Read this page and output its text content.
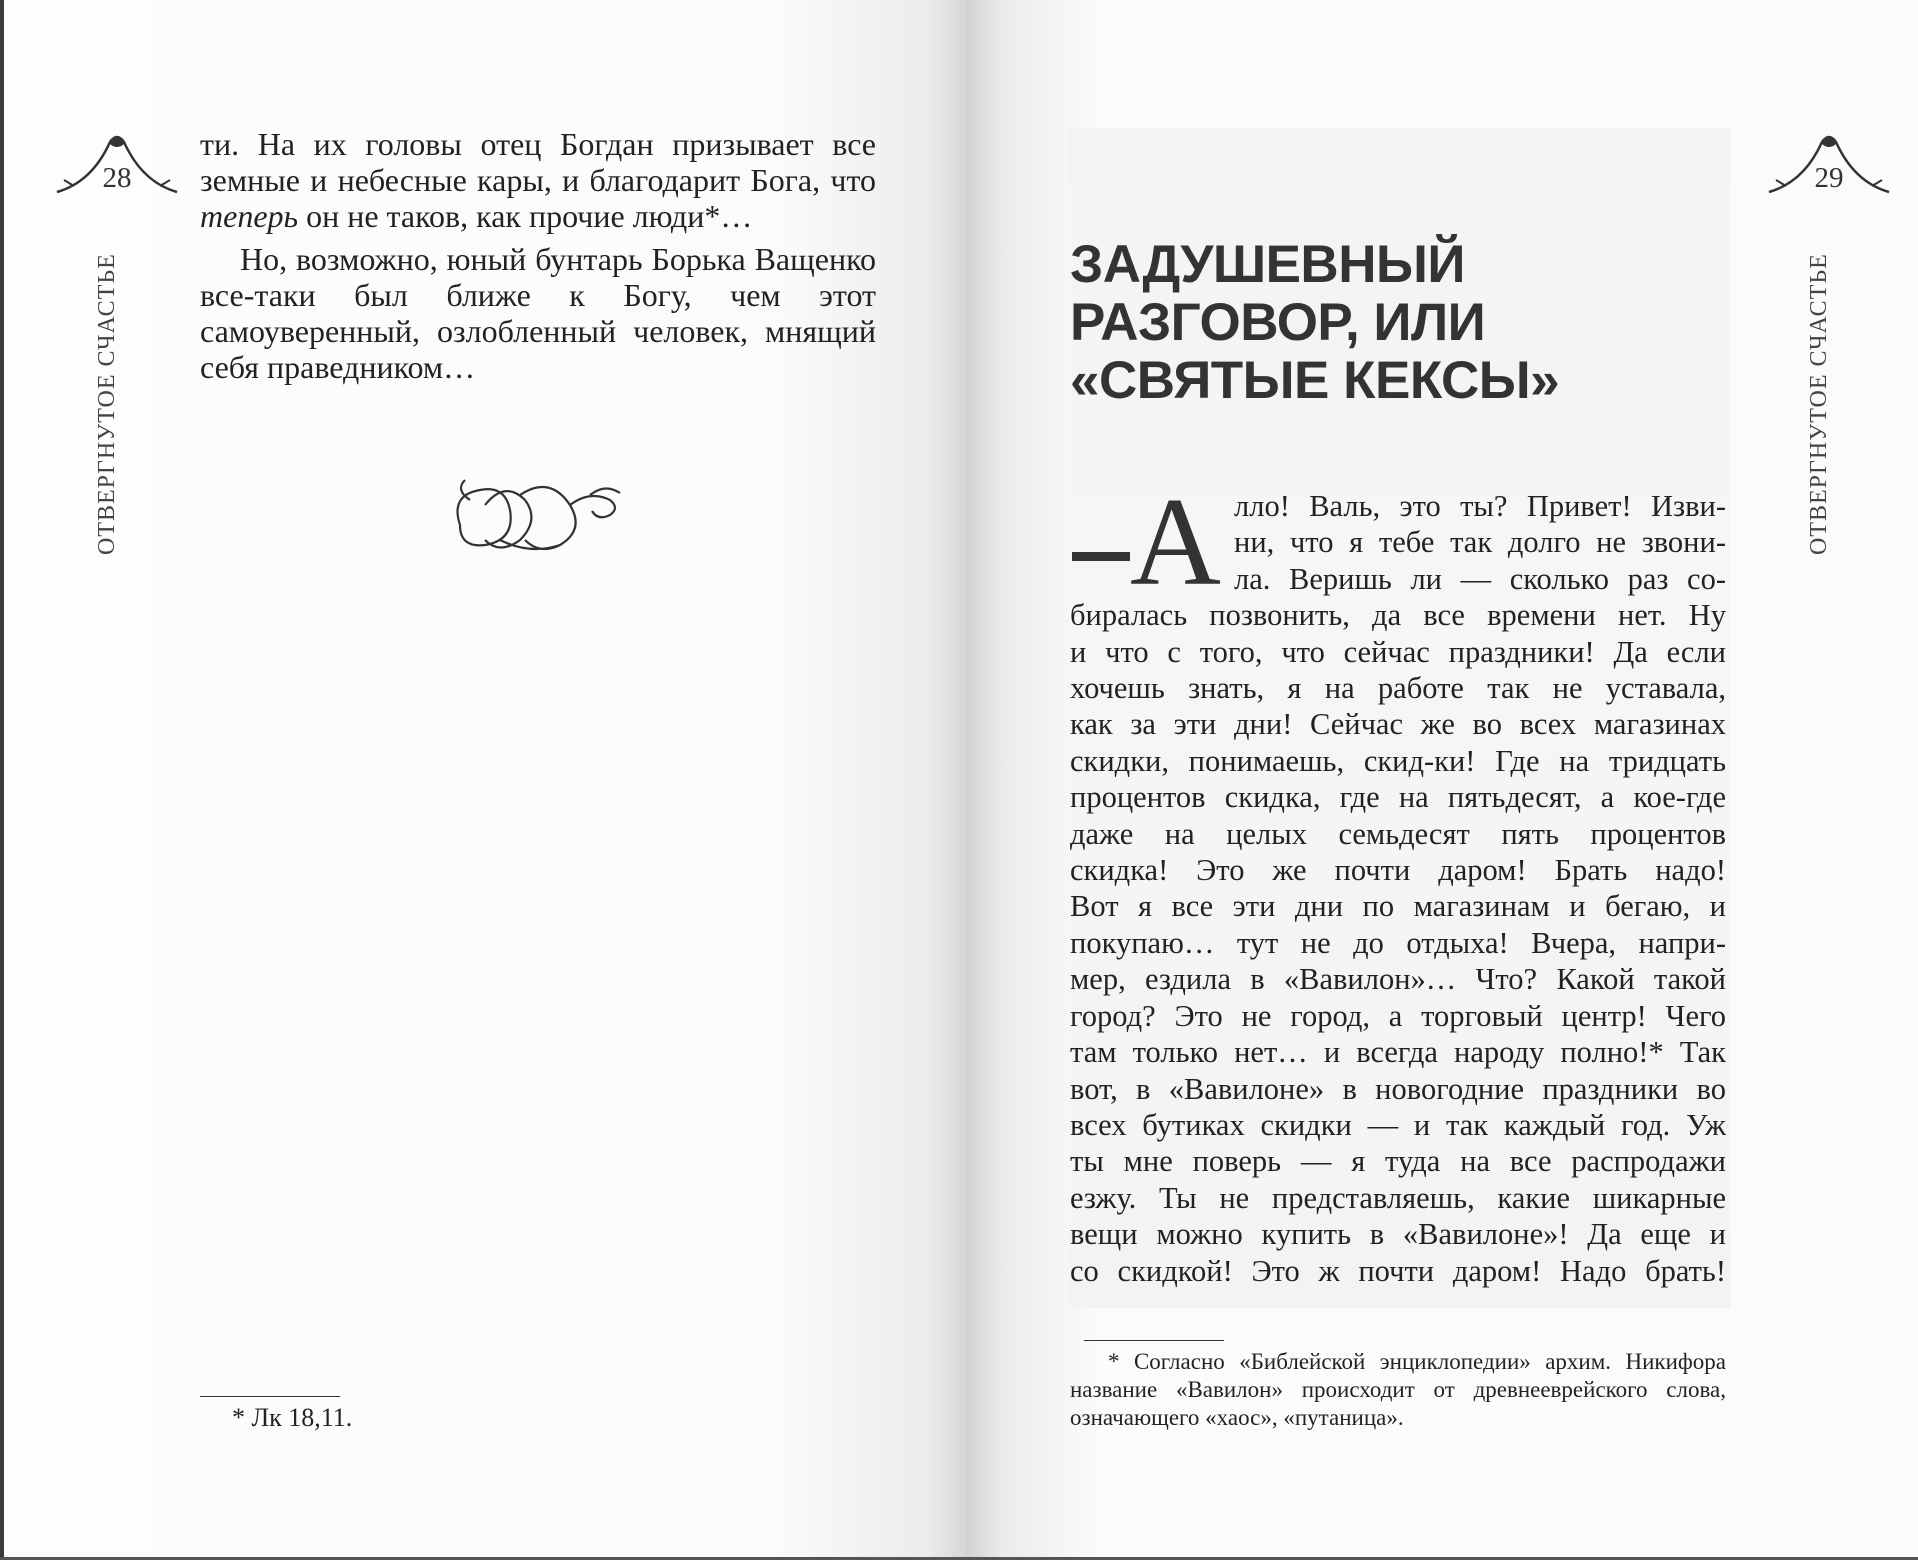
28
ОТВЕРГНУТОЕ СЧАСТЬЕ

ти. На их головы отец Богдан призывает все земные и небесные кары, и благодарит Бога, что теперь он не таков, как прочие люди*…

Но, возможно, юный бунтарь Борька Ващенко все-таки был ближе к Богу, чем этот самоуверенный, озлобленный человек, мнящий себя праведником…

* Лк 18,11.
29
ОТВЕРГНУТОЕ СЧАСТЬЕ
ЗАДУШЕВНЫЙ
РАЗГОВОР, ИЛИ
«СВЯТЫЕ КЕКСЫ»
А лло! Валь, это ты? Привет! Изви-
ни, что я тебе так долго не звони-
ла. Веришь ли — сколько раз со-
биралась позвонить, да все времени нет. Ну
и что с того, что сейчас праздники! Да если
хочешь знать, я на работе так не уставала,
как за эти дни! Сейчас же во всех магазинах
скидки, понимаешь, скид-ки! Где на тридцать
процентов скидка, где на пятьдесят, а кое-где
даже на целых семьдесят пять процентов
скидка! Это же почти даром! Брать надо!
Вот я все эти дни по магазинам и бегаю, и
покупаю… тут не до отдыха! Вчера, напри-
мер, ездила в «Вавилон»… Что? Какой такой
город? Это не город, а торговый центр! Чего
там только нет… и всегда народу полно!* Так
вот, в «Вавилоне» в новогодние праздники во
всех бутиках скидки — и так каждый год. Уж
ты мне поверь — я туда на все распродажи
езжу. Ты не представляешь, какие шикарные
вещи можно купить в «Вавилоне»! Да еще и
со скидкой! Это ж почти даром! Надо брать!
* Согласно «Библейской энциклопедии» архим. Никифора название «Вавилон» происходит от древнееврейского слова, означающего «хаос», «путаница».
